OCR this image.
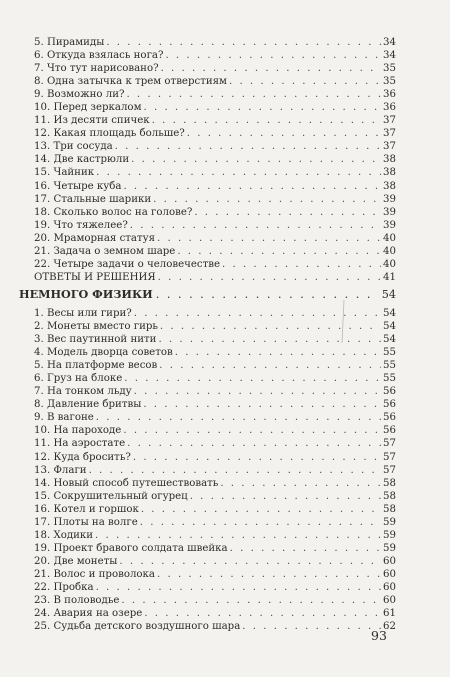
5. Пирамиды . . .	34
6. Откуда взялась нога? . . .	34
7. Что тут нарисовано? . . .	35
8. Одна затычка к трем отверстиям . . .	35
9. Возможно ли? . . .	36
10. Перед зеркалом . . .	36
11. Из десяти спичек . . .	37
12. Какая площадь больше? . . .	37
13. Три сосуда . . .	37
14. Две кастрюли . . .	38
15. Чайник . . .	38
16. Четыре куба . . .	38
17. Стальные шарики . . .	39
18. Сколько волос на голове? . . .	39
19. Что тяжелее? . . .	39
20. Мраморная статуя . . .	40
21. Задача о земном шаре . . .	40
22. Четыре задачи о человечестве . . .	40
ОТВЕТЫ И РЕШЕНИЯ . . .	41
НЕМНОГО ФИЗИКИ . . .	54
1. Весы или гири? . . .	54
2. Монеты вместо гирь . . .	54
3. Вес паутинной нити . . .	54
4. Модель дворца советов . . .	55
5. На платформе весов . . .	55
6. Груз на блоке . . .	55
7. На тонком льду . . .	56
8. Давление бритвы . . .	56
9. В вагоне . . .	56
10. На пароходе . . .	56
11. На аэростате . . .	57
12. Куда бросить? . . .	57
13. Флаги . . .	57
14. Новый способ путешествовать . . .	58
15. Сокрушительный огурец . . .	58
16. Котел и горшок . . .	58
17. Плоты на волге . . .	59
18. Ходики . . .	59
19. Проект бравого солдата швейка . . .	59
20. Две монеты . . .	60
21. Волос и проволока . . .	60
22. Пробка . . .	60
23. В половодье . . .	60
24. Авария на озере . . .	61
25. Судьба детского воздушного шара . . .	62
93
